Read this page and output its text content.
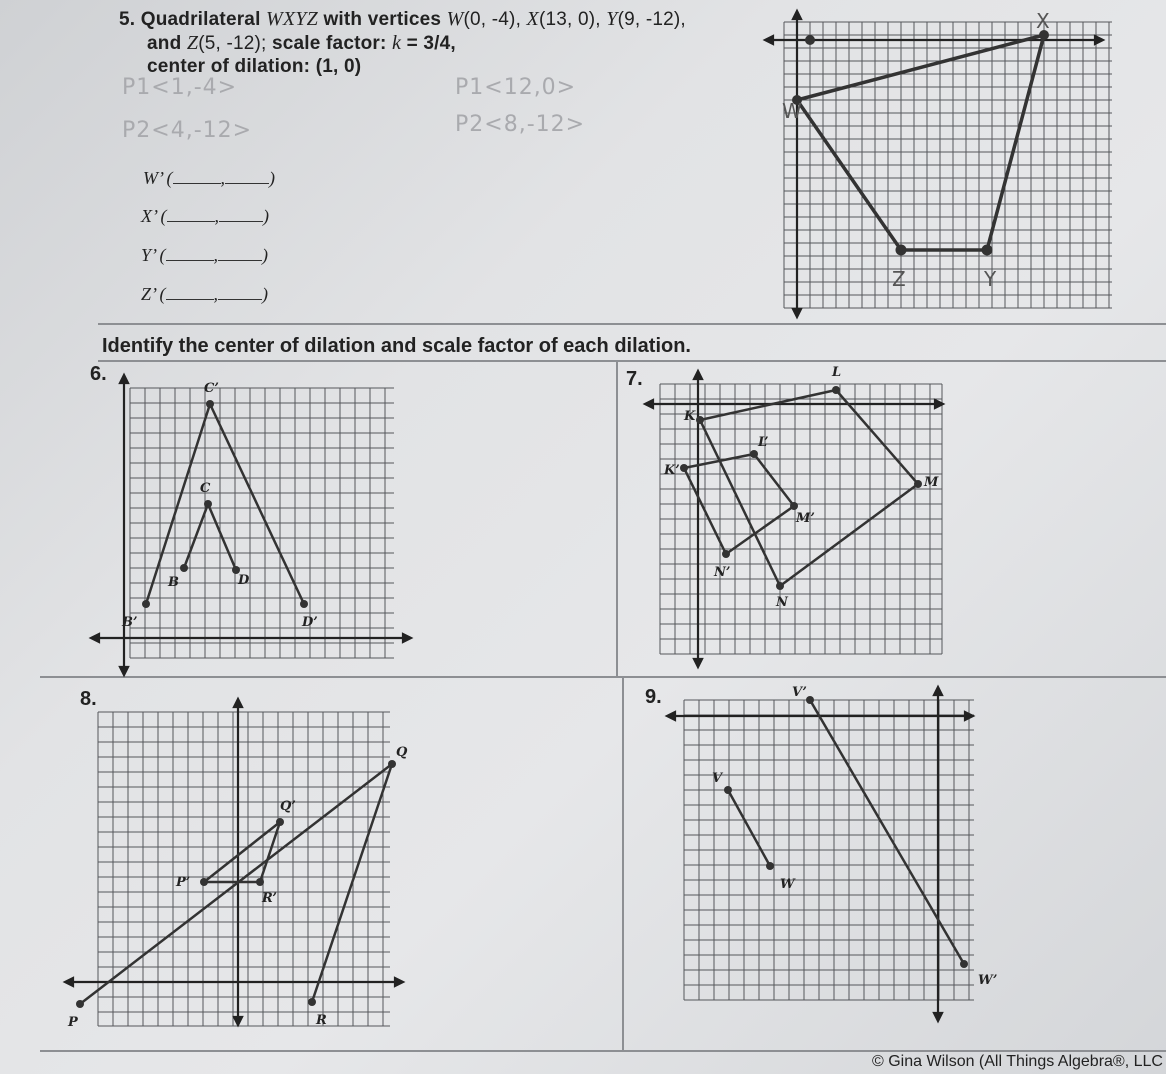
5. Quadrilateral WXYZ with vertices W(0, -4), X(13, 0), Y(9, -12),
and Z(5, -12); scale factor: k = 3/4,
center of dilation: (1, 0)
P1<1,-4>	P1<12,0>
P2<4,-12>	P2<8,-12>
W’ (	, )
X’ (	, )
Y’ (	, )
Z’ (	, )
X
W
Z	Y
Identify the center of dilation and scale factor of each dilation.
6.	7.
8.	9.
C’
C
B	D
B’	D’
L
K
L’
K’
M
M’
N’
N
Q
Q’
P’
R’
P	R
V’
V
W
W’
© Gina Wilson (All Things Algebra®, LLC
